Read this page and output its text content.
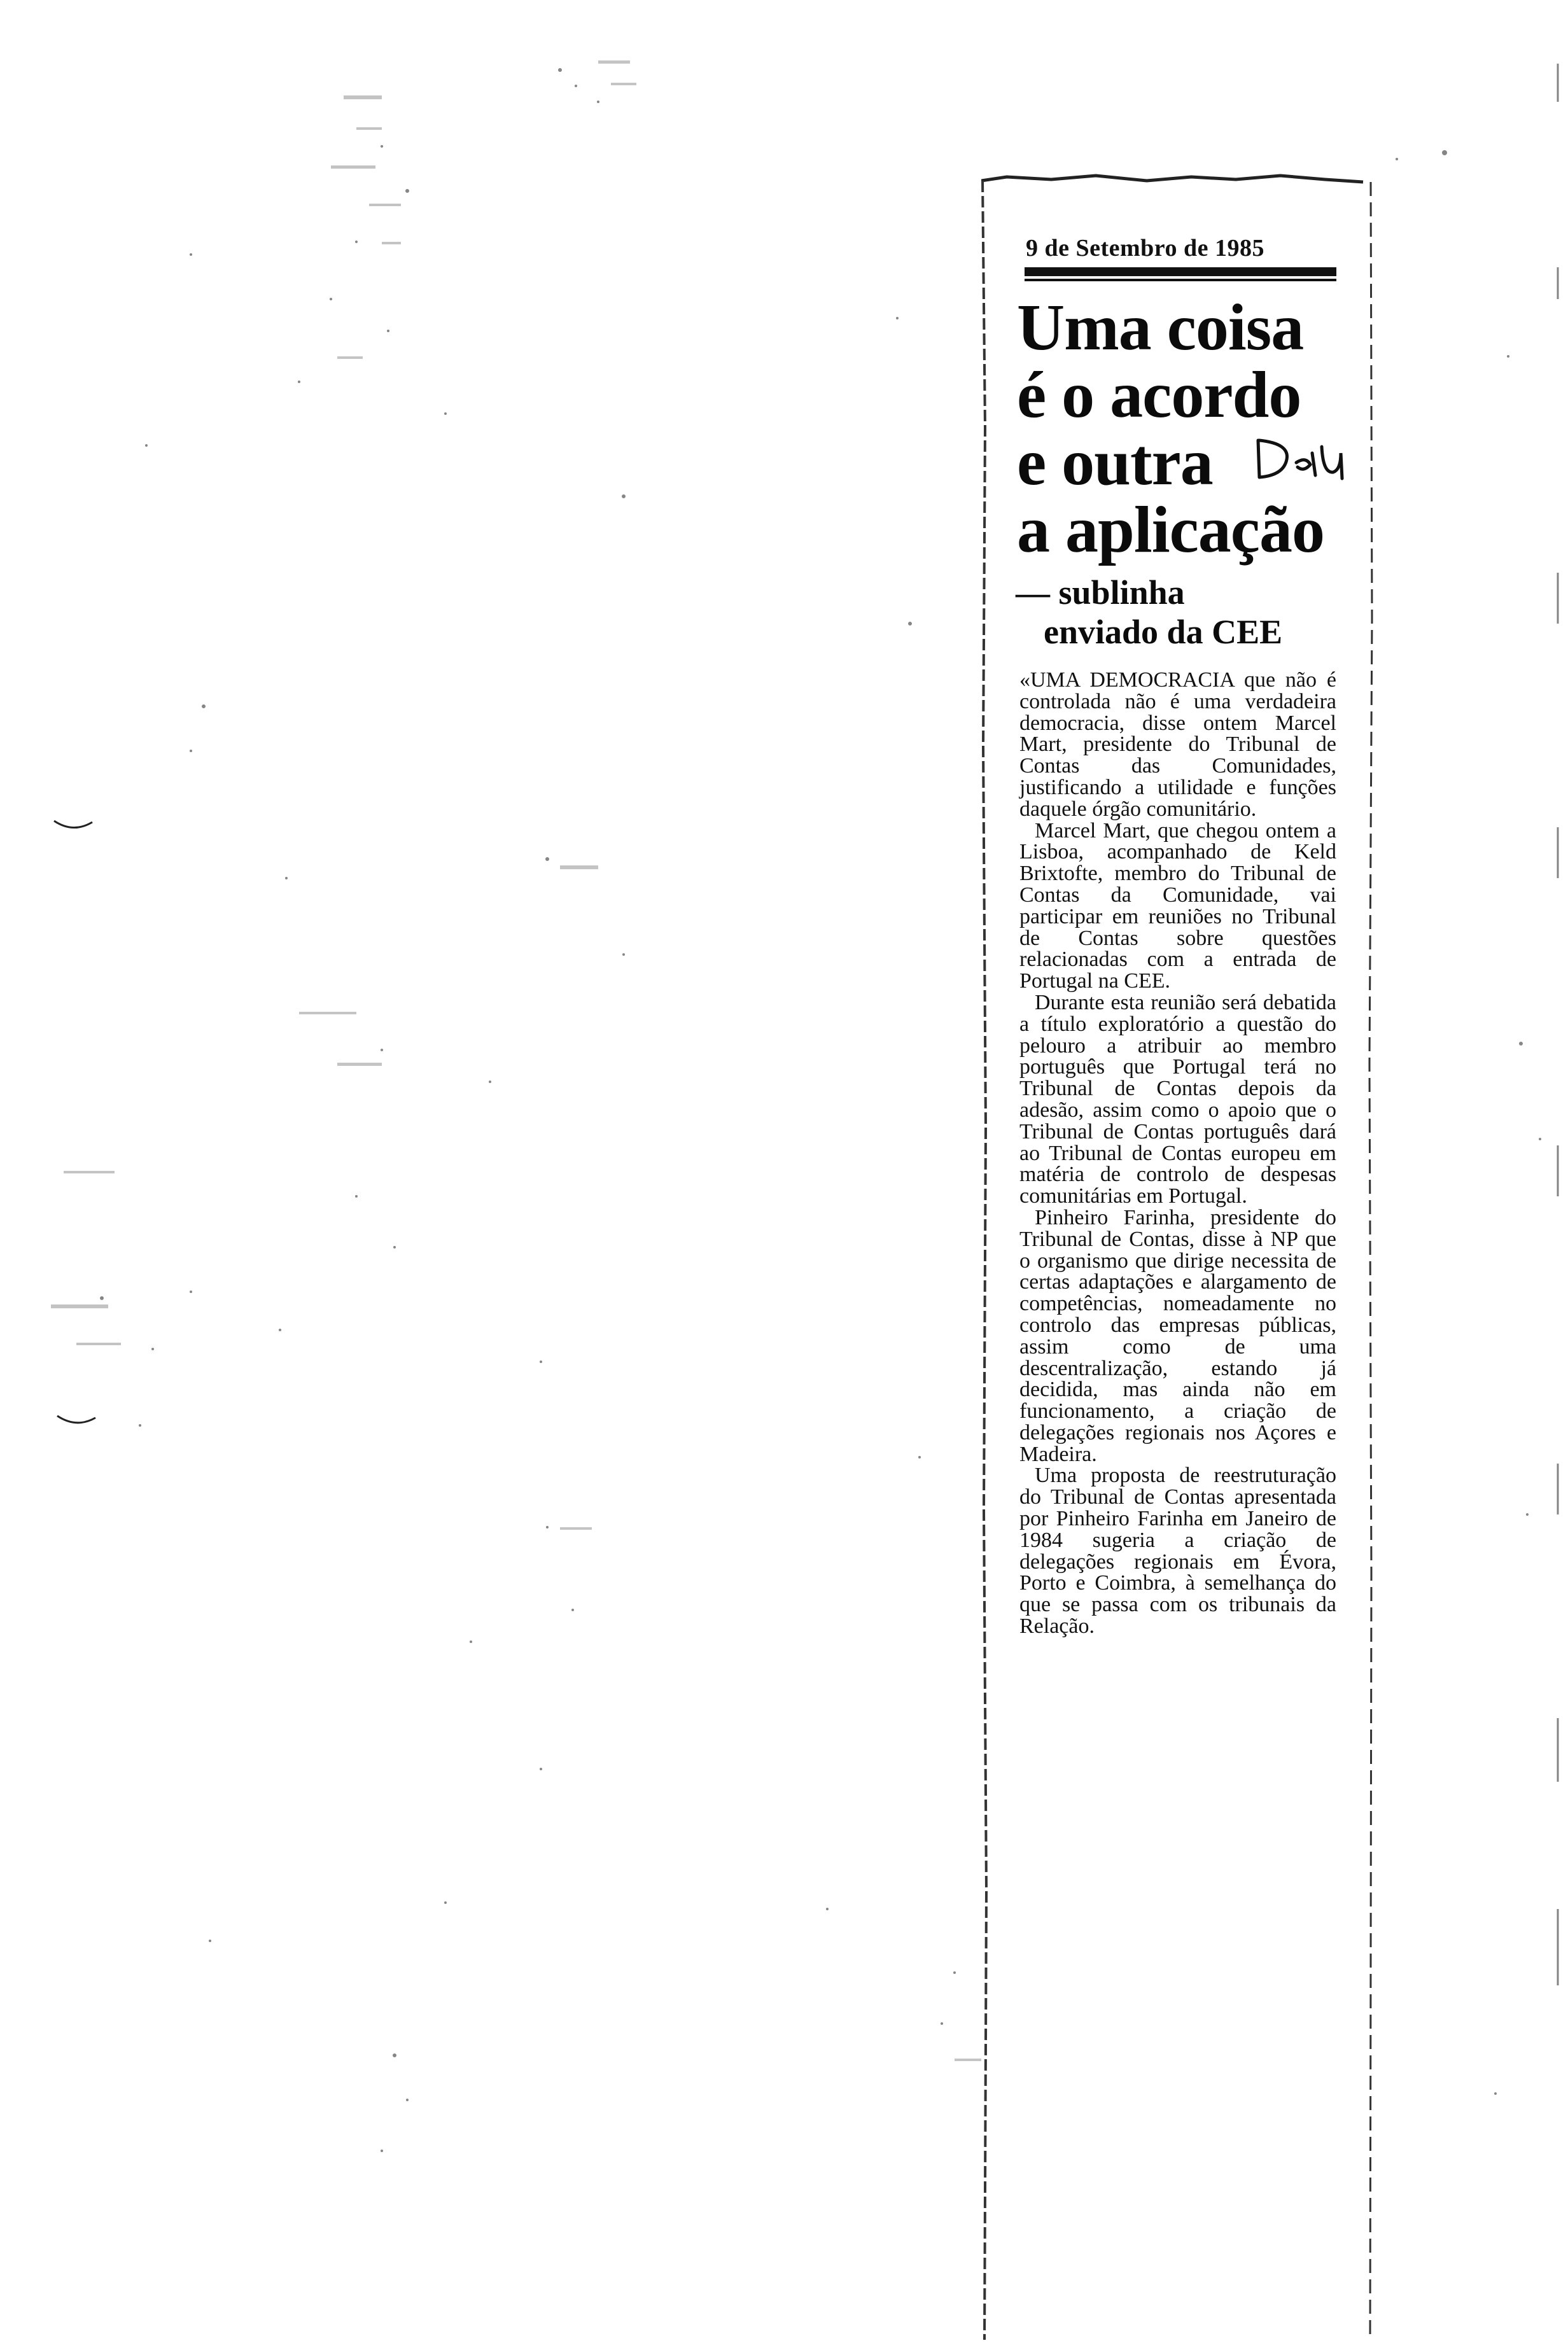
9 de Setembro de 1985
Uma coisa
é o acordo
e outra
a aplicação
— sublinha
enviado da CEE

«UMA DEMOCRACIA que não é controlada não é uma verdadeira democracia, disse ontem Marcel Mart, presidente do Tribunal de Contas das Comunidades, justificando a utilidade e funções daquele órgão comunitário.

Marcel Mart, que chegou ontem a Lisboa, acompanhado de Keld Brixtofte, membro do Tribunal de Contas da Comunidade, vai participar em reuniões no Tribunal de Contas sobre questões relacionadas com a entrada de Portugal na CEE.

Durante esta reunião será debatida a título exploratório a questão do pelouro a atribuir ao membro português que Portugal terá no Tribunal de Contas depois da adesão, assim como o apoio que o Tribunal de Contas português dará ao Tribunal de Contas europeu em matéria de controlo de despesas comunitárias em Portugal.

Pinheiro Farinha, presidente do Tribunal de Contas, disse à NP que o organismo que dirige necessita de certas adaptações e alargamento de competências, nomeadamente no controlo das empresas públicas, assim como de uma descentralização, estando já decidida, mas ainda não em funcionamento, a criação de delegações regionais nos Açores e Madeira.

Uma proposta de reestruturação do Tribunal de Contas apresentada por Pinheiro Farinha em Janeiro de 1984 sugeria a criação de delegações regionais em Évora, Porto e Coimbra, à semelhança do que se passa com os tribunais da Relação.
